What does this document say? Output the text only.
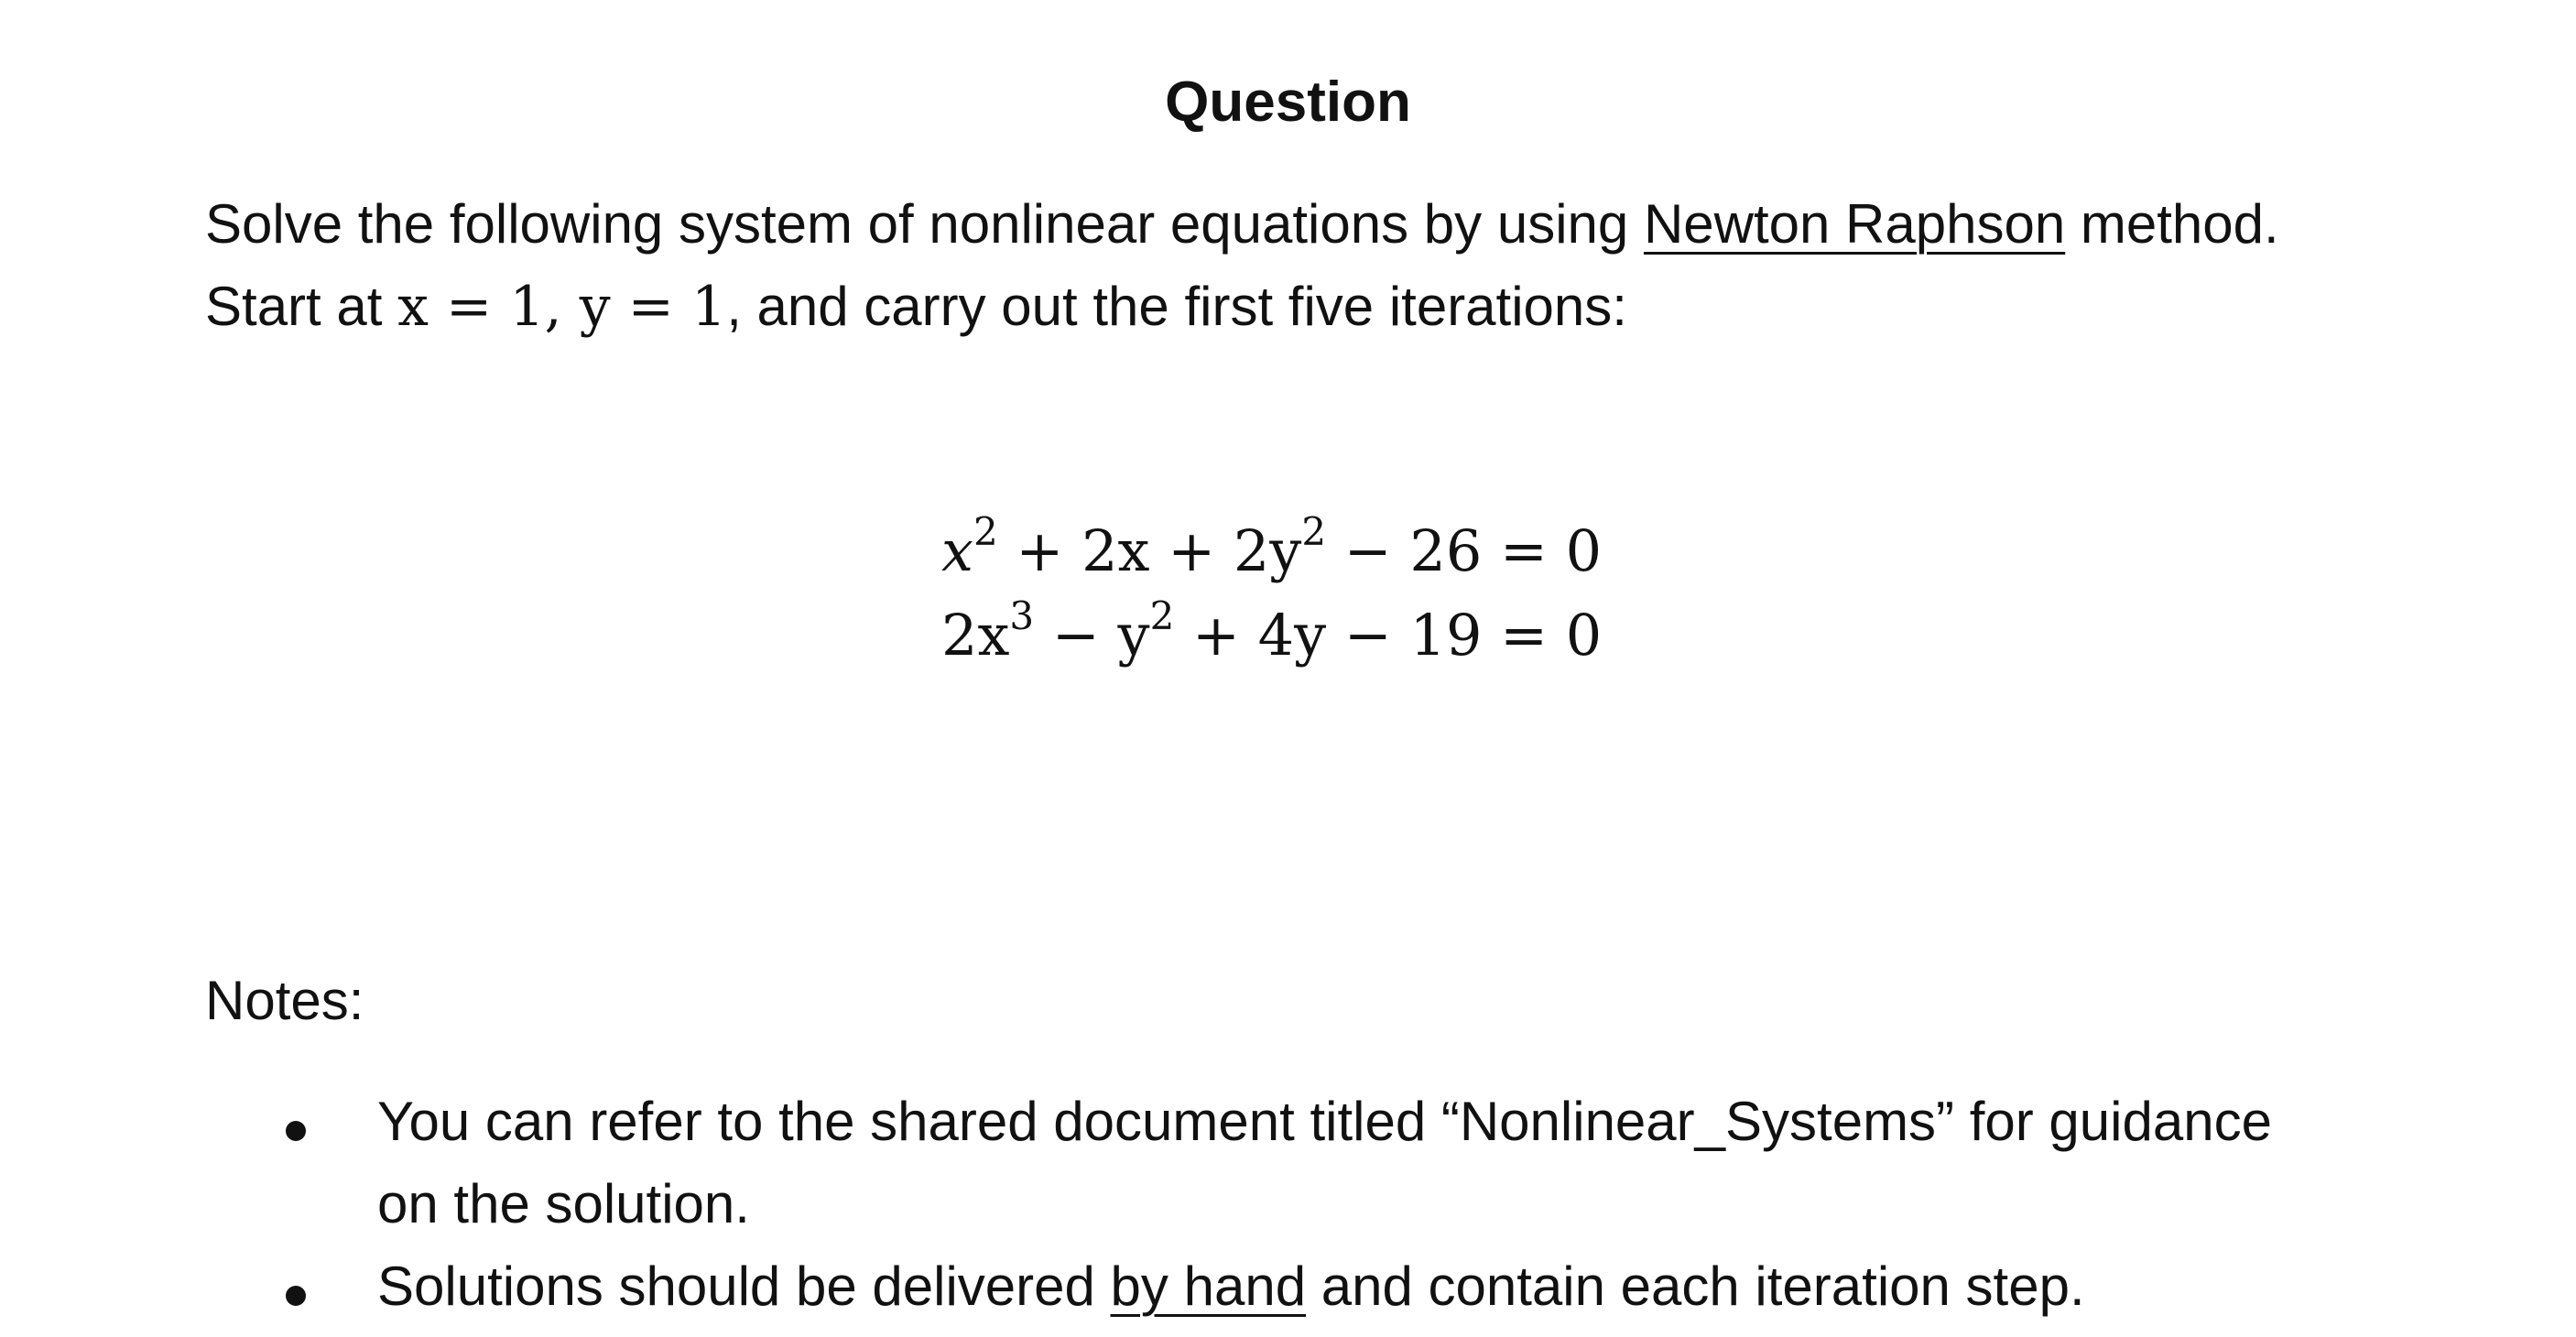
Question
Solve the following system of nonlinear equations by using Newton Raphson method.
Start at x = 1, y = 1, and carry out the first five iterations:
$x^2 + 2x + 2y^2 - 26 = 0$
$2x^3 - y^2 + 4y - 19 = 0$
Notes:
You can refer to the shared document titled “Nonlinear_Systems” for guidance
on the solution.
Solutions should be delivered by hand and contain each iteration step.
